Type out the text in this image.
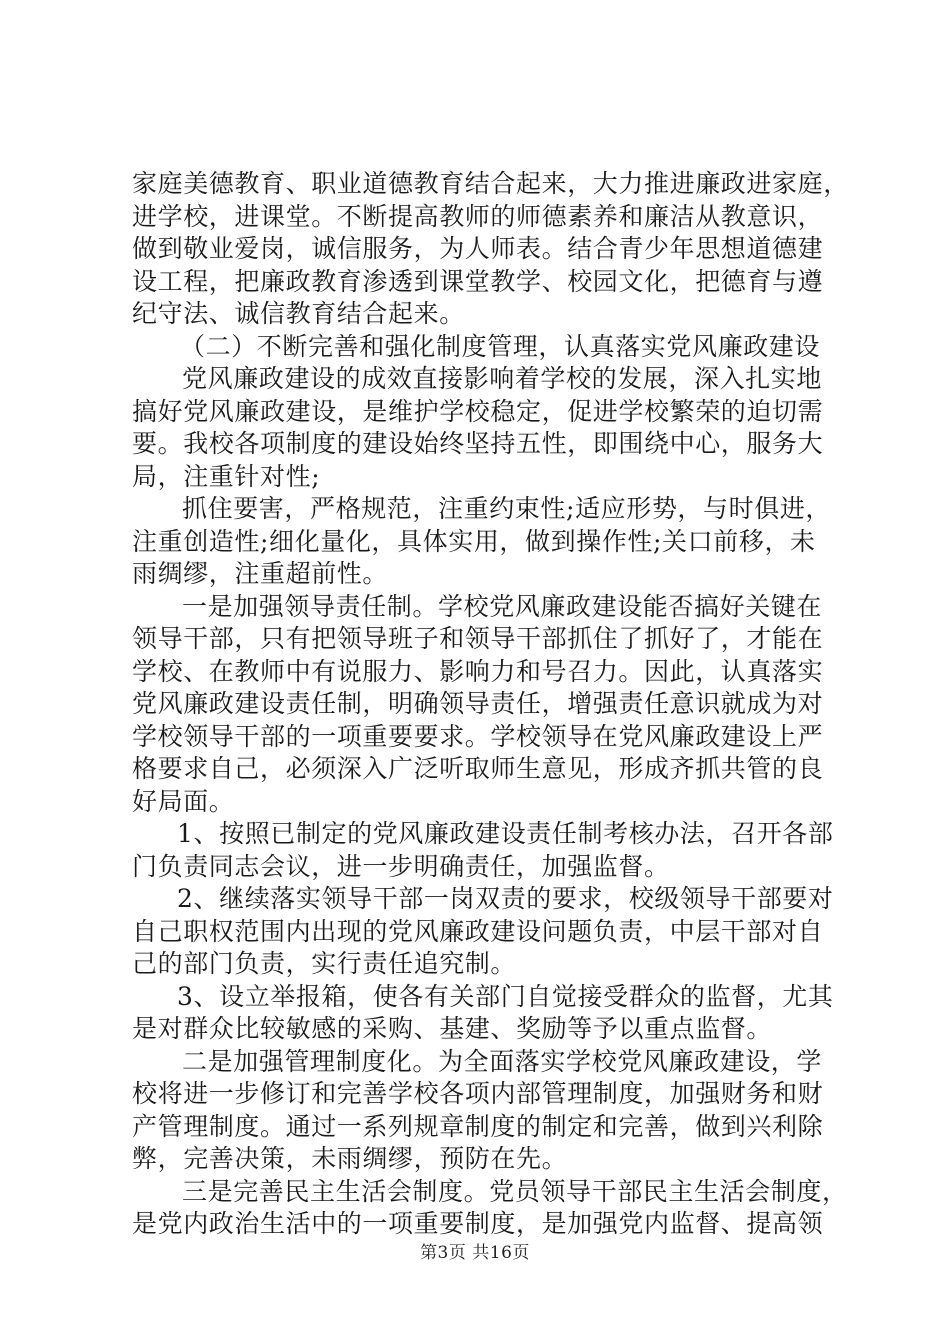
家庭美德教育、职业道德教育结合起来，大力推进廉政进家庭，
进学校，进课堂。不断提高教师的师德素养和廉洁从教意识，
做到敬业爱岗，诚信服务，为人师表。结合青少年思想道德建
设工程，把廉政教育渗透到课堂教学、校园文化，把德育与遵
纪守法、诚信教育结合起来。
（二）不断完善和强化制度管理，认真落实党风廉政建设
党风廉政建设的成效直接影响着学校的发展，深入扎实地
搞好党风廉政建设，是维护学校稳定，促进学校繁荣的迫切需
要。我校各项制度的建设始终坚持五性，即围绕中心，服务大
局，注重针对性;
抓住要害，严格规范，注重约束性;适应形势，与时俱进，
注重创造性;细化量化，具体实用，做到操作性;关口前移，未
雨绸缪，注重超前性。
一是加强领导责任制。学校党风廉政建设能否搞好关键在
领导干部，只有把领导班子和领导干部抓住了抓好了，才能在
学校、在教师中有说服力、影响力和号召力。因此，认真落实
党风廉政建设责任制，明确领导责任，增强责任意识就成为对
学校领导干部的一项重要要求。学校领导在党风廉政建设上严
格要求自己，必须深入广泛听取师生意见，形成齐抓共管的良
好局面。
1、按照已制定的党风廉政建设责任制考核办法，召开各部
门负责同志会议，进一步明确责任，加强监督。
2、继续落实领导干部一岗双责的要求，校级领导干部要对
自己职权范围内出现的党风廉政建设问题负责，中层干部对自
己的部门负责，实行责任追究制。
3、设立举报箱，使各有关部门自觉接受群众的监督，尤其
是对群众比较敏感的采购、基建、奖励等予以重点监督。
二是加强管理制度化。为全面落实学校党风廉政建设，学
校将进一步修订和完善学校各项内部管理制度，加强财务和财
产管理制度。通过一系列规章制度的制定和完善，做到兴利除
弊，完善决策，未雨绸缪，预防在先。
三是完善民主生活会制度。党员领导干部民主生活会制度，
是党内政治生活中的一项重要制度，是加强党内监督、提高领
第3页 共16页
